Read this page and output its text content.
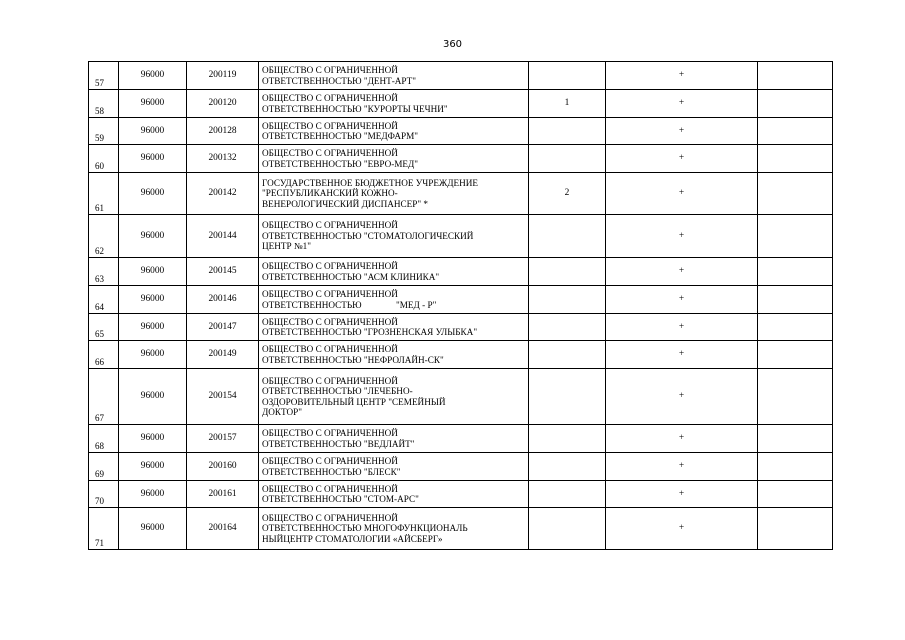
360
57	96000	200119	ОБЩЕСТВО С ОГРАНИЧЕННОЙ
ОТВЕТСТВЕННОСТЬЮ "ДЕНТ-АРТ"		+	
58	96000	200120	ОБЩЕСТВО С ОГРАНИЧЕННОЙ
ОТВЕТСТВЕННОСТЬЮ "КУРОРТЫ ЧЕЧНИ"	1	+	
59	96000	200128	ОБЩЕСТВО С ОГРАНИЧЕННОЙ
ОТВЕТСТВЕННОСТЬЮ "МЕДФАРМ"		+	
60	96000	200132	ОБЩЕСТВО С ОГРАНИЧЕННОЙ
ОТВЕТСТВЕННОСТЬЮ "ЕВРО-МЕД"		+	
61	96000	200142	ГОСУДАРСТВЕННОЕ БЮДЖЕТНОЕ УЧРЕЖДЕНИЕ
"РЕСПУБЛИКАНСКИЙ КОЖНО-
ВЕНЕРОЛОГИЧЕСКИЙ ДИСПАНСЕР" *	2	+	
62	96000	200144	ОБЩЕСТВО С ОГРАНИЧЕННОЙ
ОТВЕТСТВЕННОСТЬЮ "СТОМАТОЛОГИЧЕСКИЙ
ЦЕНТР №1"		+	
63	96000	200145	ОБЩЕСТВО С ОГРАНИЧЕННОЙ
ОТВЕТСТВЕННОСТЬЮ "АСМ КЛИНИКА"		+	
64	96000	200146	ОБЩЕСТВО С ОГРАНИЧЕННОЙ
ОТВЕТСТВЕННОСТЬЮ               "МЕД - Р"		+	
65	96000	200147	ОБЩЕСТВО С ОГРАНИЧЕННОЙ
ОТВЕТСТВЕННОСТЬЮ "ГРОЗНЕНСКАЯ УЛЫБКА"		+	
66	96000	200149	ОБЩЕСТВО С ОГРАНИЧЕННОЙ
ОТВЕТСТВЕННОСТЬЮ "НЕФРОЛАЙН-СК"		+	
67	96000	200154	ОБЩЕСТВО С ОГРАНИЧЕННОЙ
ОТВЕТСТВЕННОСТЬЮ "ЛЕЧЕБНО-
ОЗДОРОВИТЕЛЬНЫЙ ЦЕНТР "СЕМЕЙНЫЙ
ДОКТОР"		+	
68	96000	200157	ОБЩЕСТВО С ОГРАНИЧЕННОЙ
ОТВЕТСТВЕННОСТЬЮ "ВЕДЛАЙТ"		+	
69	96000	200160	ОБЩЕСТВО С ОГРАНИЧЕННОЙ
ОТВЕТСТВЕННОСТЬЮ "БЛЕСК"		+	
70	96000	200161	ОБЩЕСТВО С ОГРАНИЧЕННОЙ
ОТВЕТСТВЕННОСТЬЮ "СТОМ-АРС"		+	
71	96000	200164	ОБЩЕСТВО С ОГРАНИЧЕННОЙ
ОТВЕТСТВЕННОСТЬЮ МНОГОФУНКЦИОНАЛЬ
НЫЙЦЕНТР СТОМАТОЛОГИИ «АЙСБЕРГ»		+	
